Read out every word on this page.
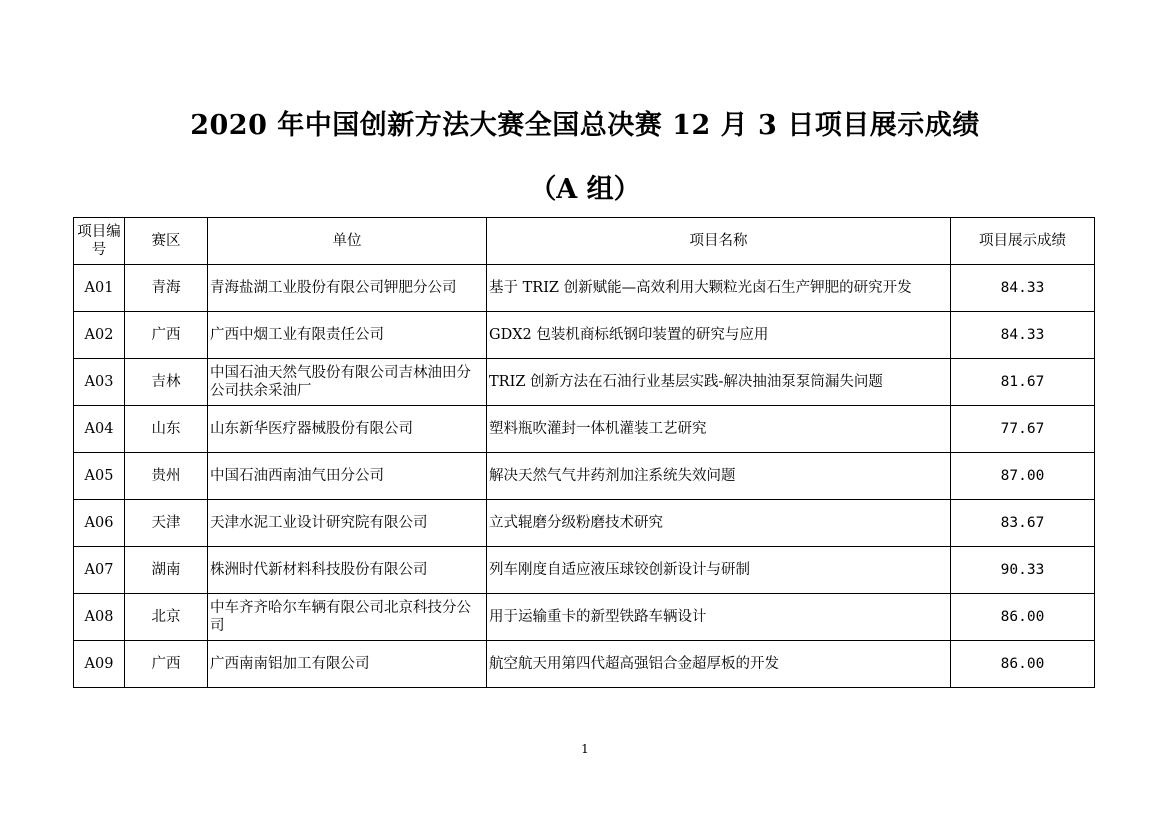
2020 年中国创新方法大赛全国总决赛 12 月 3 日项目展示成绩
（A 组）
项目编号	赛区	单位	项目名称	项目展示成绩
A01	青海	青海盐湖工业股份有限公司钾肥分公司	基于 TRIZ 创新赋能—高效利用大颗粒光卤石生产钾肥的研究开发	84.33
A02	广西	广西中烟工业有限责任公司	GDX2 包装机商标纸钢印装置的研究与应用	84.33
A03	吉林	中国石油天然气股份有限公司吉林油田分公司扶余采油厂	TRIZ 创新方法在石油行业基层实践-解决抽油泵泵筒漏失问题	81.67
A04	山东	山东新华医疗器械股份有限公司	塑料瓶吹灌封一体机灌装工艺研究	77.67
A05	贵州	中国石油西南油气田分公司	解决天然气气井药剂加注系统失效问题	87.00
A06	天津	天津水泥工业设计研究院有限公司	立式辊磨分级粉磨技术研究	83.67
A07	湖南	株洲时代新材料科技股份有限公司	列车刚度自适应液压球铰创新设计与研制	90.33
A08	北京	中车齐齐哈尔车辆有限公司北京科技分公司	用于运输重卡的新型铁路车辆设计	86.00
A09	广西	广西南南铝加工有限公司	航空航天用第四代超高强铝合金超厚板的开发	86.00
1
